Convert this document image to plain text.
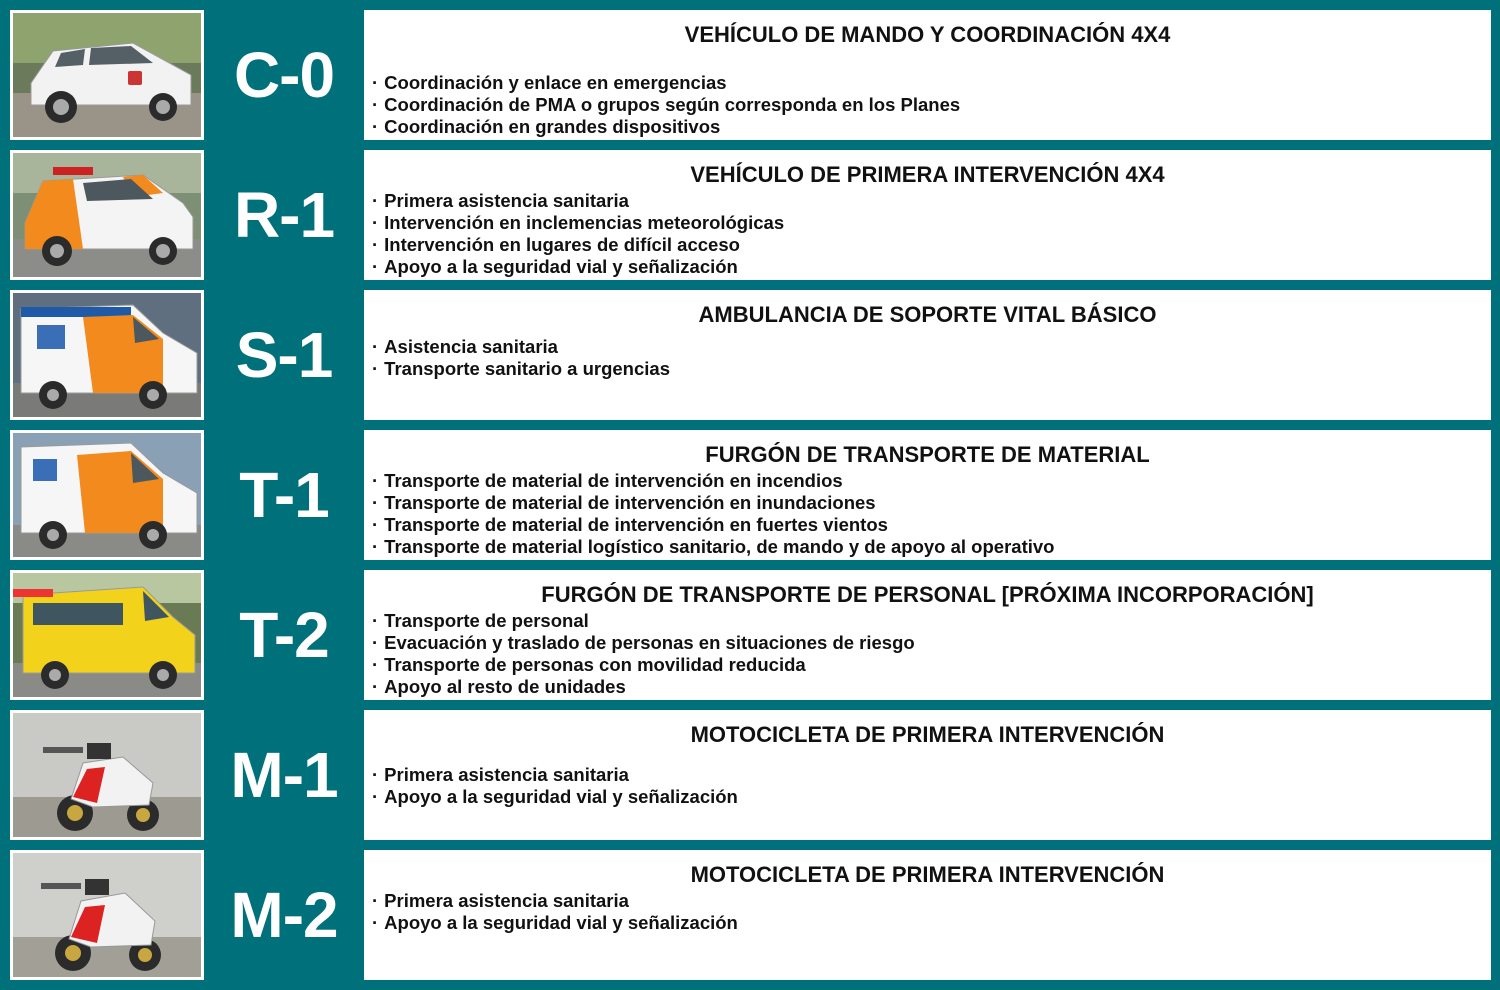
C-0
VEHÍCULO DE MANDO Y COORDINACIÓN 4X4
· Coordinación y enlace en emergencias
· Coordinación de PMA o grupos según corresponda en los Planes
· Coordinación en grandes dispositivos
R-1
VEHÍCULO DE PRIMERA INTERVENCIÓN 4X4
· Primera asistencia sanitaria
· Intervención en inclemencias meteorológicas
· Intervención en lugares de difícil acceso
· Apoyo a la seguridad vial y señalización
S-1
AMBULANCIA DE SOPORTE VITAL BÁSICO
· Asistencia sanitaria
· Transporte sanitario a urgencias
T-1
FURGÓN DE TRANSPORTE DE MATERIAL
· Transporte de material de intervención en incendios
· Transporte de material de intervención en inundaciones
· Transporte de material de intervención en fuertes vientos
· Transporte de material logístico sanitario, de mando y de apoyo al operativo
T-2
FURGÓN DE TRANSPORTE DE PERSONAL [PRÓXIMA INCORPORACIÓN]
· Transporte de personal
· Evacuación y traslado de personas en situaciones de riesgo
· Transporte de personas con movilidad reducida
· Apoyo al resto de unidades
M-1
MOTOCICLETA DE PRIMERA INTERVENCIÓN
· Primera asistencia sanitaria
· Apoyo a la seguridad vial y señalización
M-2
MOTOCICLETA DE PRIMERA INTERVENCIÓN
· Primera asistencia sanitaria
· Apoyo a la seguridad vial y señalización
